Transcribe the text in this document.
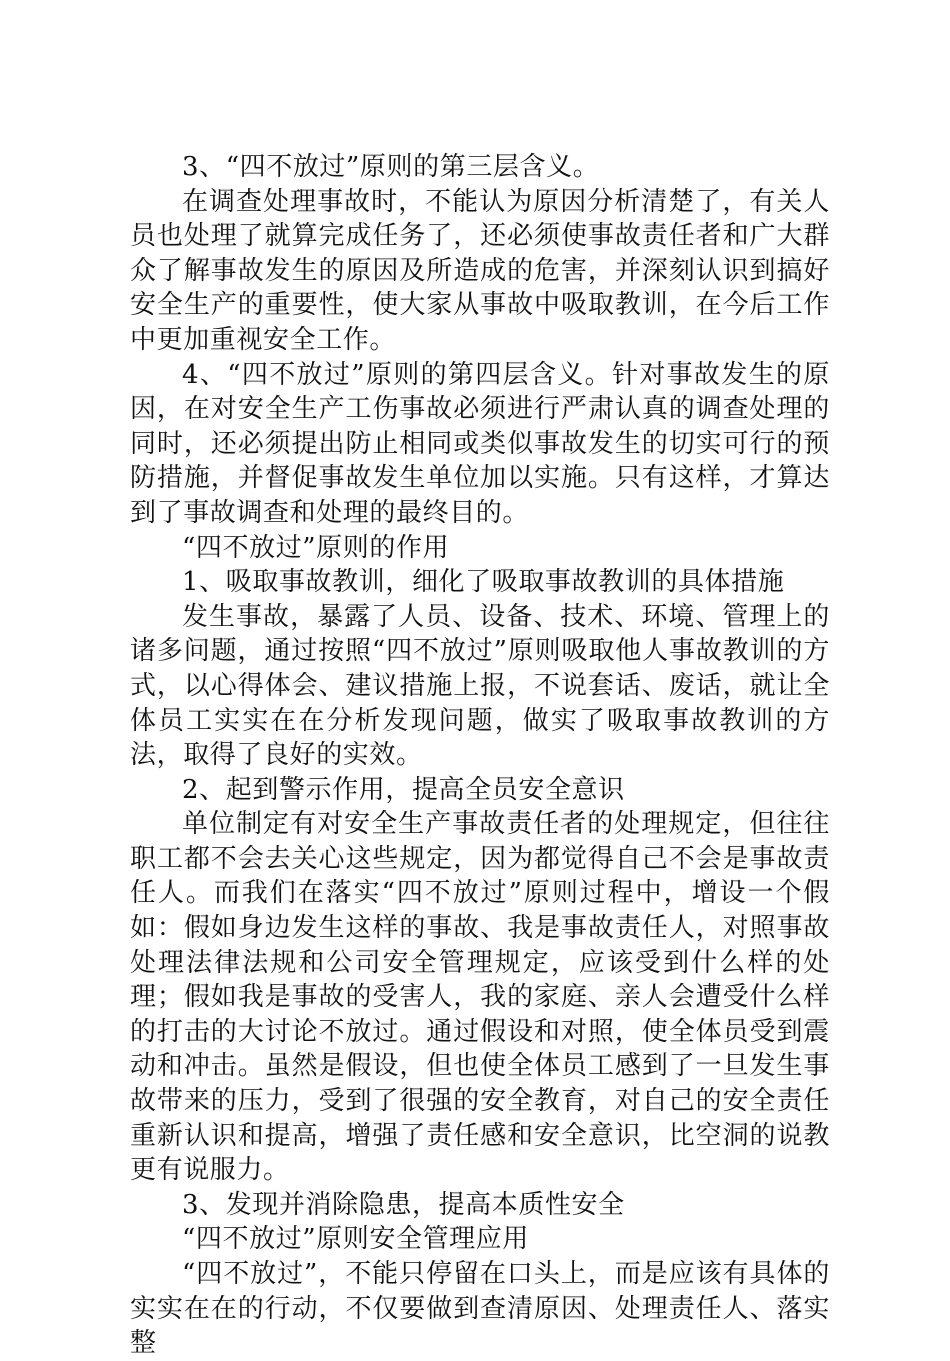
3、“四不放过”原则的第三层含义。

在调查处理事故时，不能认为原因分析清楚了，有关人员也处理了就算完成任务了，还必须使事故责任者和广大群众了解事故发生的原因及所造成的危害，并深刻认识到搞好安全生产的重要性，使大家从事故中吸取教训，在今后工作中更加重视安全工作。

4、“四不放过”原则的第四层含义。针对事故发生的原因，在对安全生产工伤事故必须进行严肃认真的调查处理的同时，还必须提出防止相同或类似事故发生的切实可行的预防措施，并督促事故发生单位加以实施。只有这样，才算达到了事故调查和处理的最终目的。

“四不放过”原则的作用
1、吸取事故教训，细化了吸取事故教训的具体措施

发生事故，暴露了人员、设备、技术、环境、管理上的诸多问题，通过按照“四不放过”原则吸取他人事故教训的方式，以心得体会、建议措施上报，不说套话、废话，就让全体员工实实在在分析发现问题，做实了吸取事故教训的方法，取得了良好的实效。

2、起到警示作用，提高全员安全意识

单位制定有对安全生产事故责任者的处理规定，但往往职工都不会去关心这些规定，因为都觉得自己不会是事故责任人。而我们在落实“四不放过”原则过程中，增设一个假如：假如身边发生这样的事故、我是事故责任人，对照事故处理法律法规和公司安全管理规定，应该受到什么样的处理；假如我是事故的受害人，我的家庭、亲人会遭受什么样的打击的大讨论不放过。通过假设和对照，使全体员受到震动和冲击。虽然是假设，但也使全体员工感到了一旦发生事故带来的压力，受到了很强的安全教育，对自己的安全责任重新认识和提高，增强了责任感和安全意识，比空洞的说教更有说服力。

3、发现并消除隐患，提高本质性安全
“四不放过”原则安全管理应用

“四不放过”，不能只停留在口头上，而是应该有具体的实实在在的行动，不仅要做到查清原因、处理责任人、落实整
